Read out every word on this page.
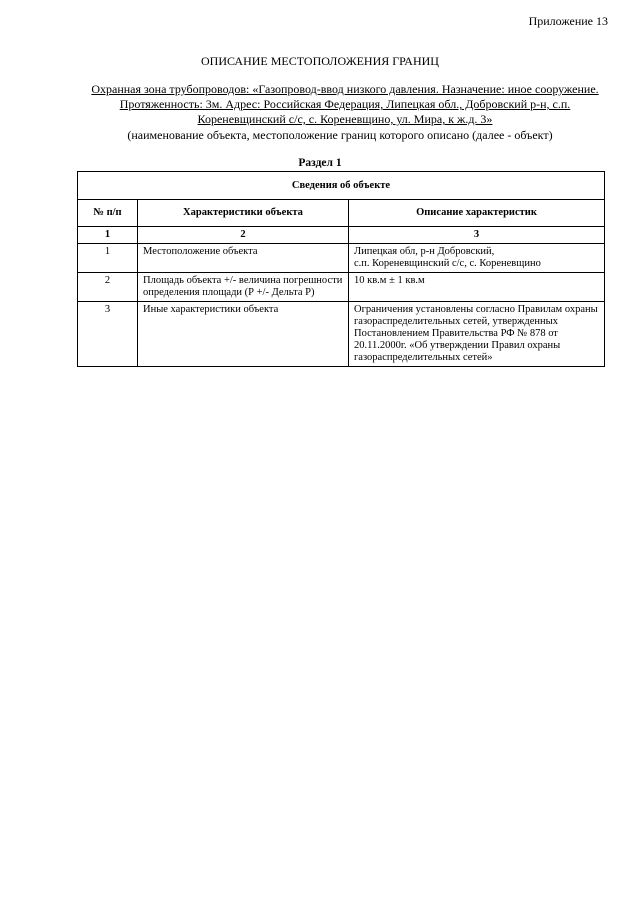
Приложение 13
ОПИСАНИЕ МЕСТОПОЛОЖЕНИЯ ГРАНИЦ
Охранная зона трубопроводов: «Газопровод-ввод низкого давления. Назначение: иное сооружение. Протяженность: 3м. Адрес: Российская Федерация, Липецкая обл., Добровский р-н, с.п. Кореневщинский с/с, с. Кореневщино, ул. Мира, к ж.д. 3»
(наименование объекта, местоположение границ которого описано (далее - объект)
Раздел 1
Сведения об объекте		
№ п/п	Характеристики объекта	Описание характеристик
1	2	3
1	Местоположение объекта	Липецкая обл, р-н Добровский,
с.п. Кореневщинский с/с, с. Кореневщино

2	Площадь объекта +/- величина погрешности определения площади (Р +/- Дельта Р)	10 кв.м ± 1 кв.м

3	Иные характеристики объекта	Ограничения установлены согласно Правилам охраны газораспределительных сетей, утвержденных Постановлением Правительства РФ № 878 от 20.11.2000г. «Об утверждении Правил охраны газораспределительных сетей»
